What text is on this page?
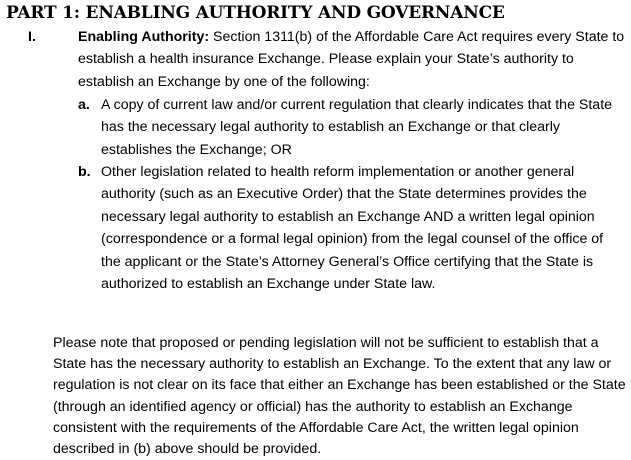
PART 1: ENABLING AUTHORITY AND GOVERNANCE
I.	Enabling Authority: Section 1311(b) of the Affordable Care Act requires every State to establish a health insurance Exchange. Please explain your State’s authority to establish an Exchange by one of the following:
a. A copy of current law and/or current regulation that clearly indicates that the State has the necessary legal authority to establish an Exchange or that clearly establishes the Exchange; OR
b. Other legislation related to health reform implementation or another general authority (such as an Executive Order) that the State determines provides the necessary legal authority to establish an Exchange AND a written legal opinion (correspondence or a formal legal opinion) from the legal counsel of the office of the applicant or the State’s Attorney General’s Office certifying that the State is authorized to establish an Exchange under State law.
Please note that proposed or pending legislation will not be sufficient to establish that a State has the necessary authority to establish an Exchange. To the extent that any law or regulation is not clear on its face that either an Exchange has been established or the State (through an identified agency or official) has the authority to establish an Exchange consistent with the requirements of the Affordable Care Act, the written legal opinion described in (b) above should be provided.
